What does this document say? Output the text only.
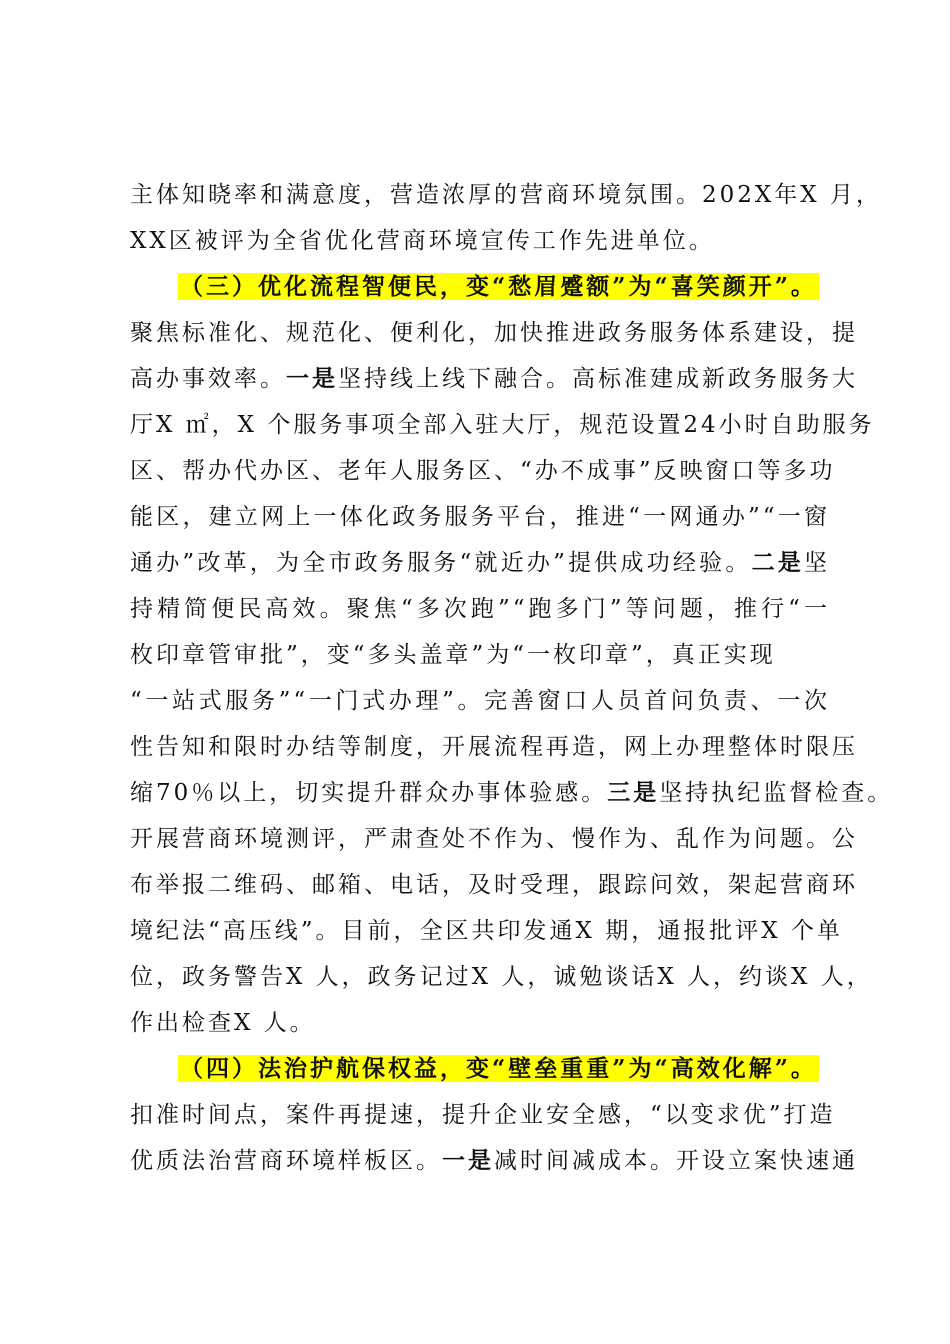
主体知晓率和满意度，营造浓厚的营商环境氛围。202X年X 月，
XX区被评为全省优化营商环境宣传工作先进单位。
（三）优化流程智便民，变“愁眉蹙额”为“喜笑颜开”。
聚焦标准化、规范化、便利化，加快推进政务服务体系建设，提
高办事效率。一是坚持线上线下融合。高标准建成新政务服务大
厅X ㎡，X 个服务事项全部入驻大厅，规范设置24小时自助服务
区、帮办代办区、老年人服务区、“办不成事”反映窗口等多功
能区，建立网上一体化政务服务平台，推进“一网通办”“一窗
通办”改革，为全市政务服务“就近办”提供成功经验。二是坚
持精简便民高效。聚焦“多次跑”“跑多门”等问题，推行“一
枚印章管审批”，变“多头盖章”为“一枚印章”，真正实现
“一站式服务”“一门式办理”。完善窗口人员首问负责、一次
性告知和限时办结等制度，开展流程再造，网上办理整体时限压
缩70％以上，切实提升群众办事体验感。三是坚持执纪监督检查。
开展营商环境测评，严肃查处不作为、慢作为、乱作为问题。公
布举报二维码、邮箱、电话，及时受理，跟踪问效，架起营商环
境纪法“高压线”。目前，全区共印发通X 期，通报批评X 个单
位，政务警告X 人，政务记过X 人，诚勉谈话X 人，约谈X 人，
作出检查X 人。
（四）法治护航保权益，变“壁垒重重”为“高效化解”。
扣准时间点，案件再提速，提升企业安全感，“以变求优”打造
优质法治营商环境样板区。一是减时间减成本。开设立案快速通
